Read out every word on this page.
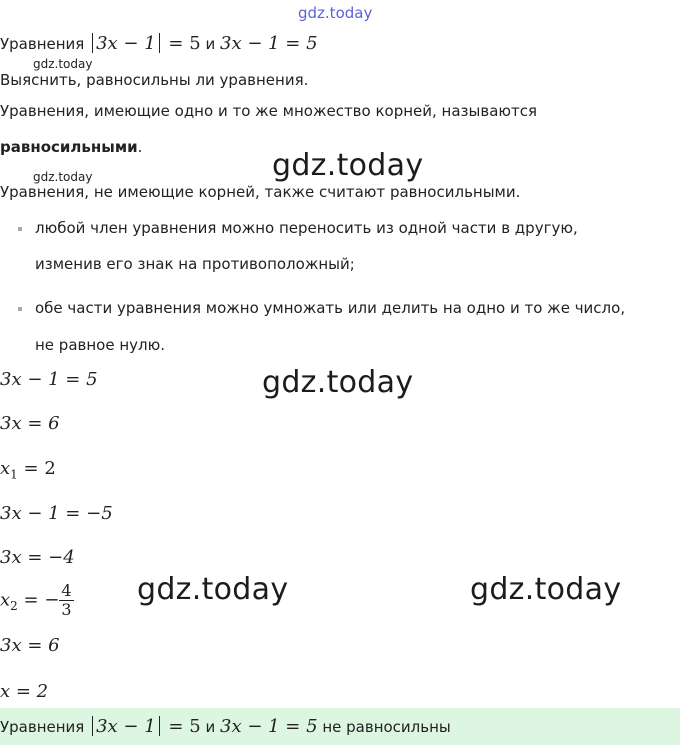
gdz.today
Уравнения 3x − 1 = 5 и 3x − 1 = 5
gdz.today
Выяснить, равносильны ли уравнения.
Уравнения, имеющие одно и то же множество корней, называются
равносильными.
gdz.today
gdz.today
Уравнения, не имеющие корней, также считают равносильными.
любой член уравнения можно переносить из одной части в другую,
изменив его знак на противоположный;
обе части уравнения можно умножать или делить на одно и то же число,
не равное нулю.
3x − 1 = 5	gdz.today
3x = 6
$x_1 = 2$
3x − 1 = −5
3x = −4
gdz.today	gdz.today
$x_2$ = − $\frac{4}{3}$
3x = 6
x = 2
Уравнения 3x − 1 = 5 и 3x − 1 = 5 не равносильны
